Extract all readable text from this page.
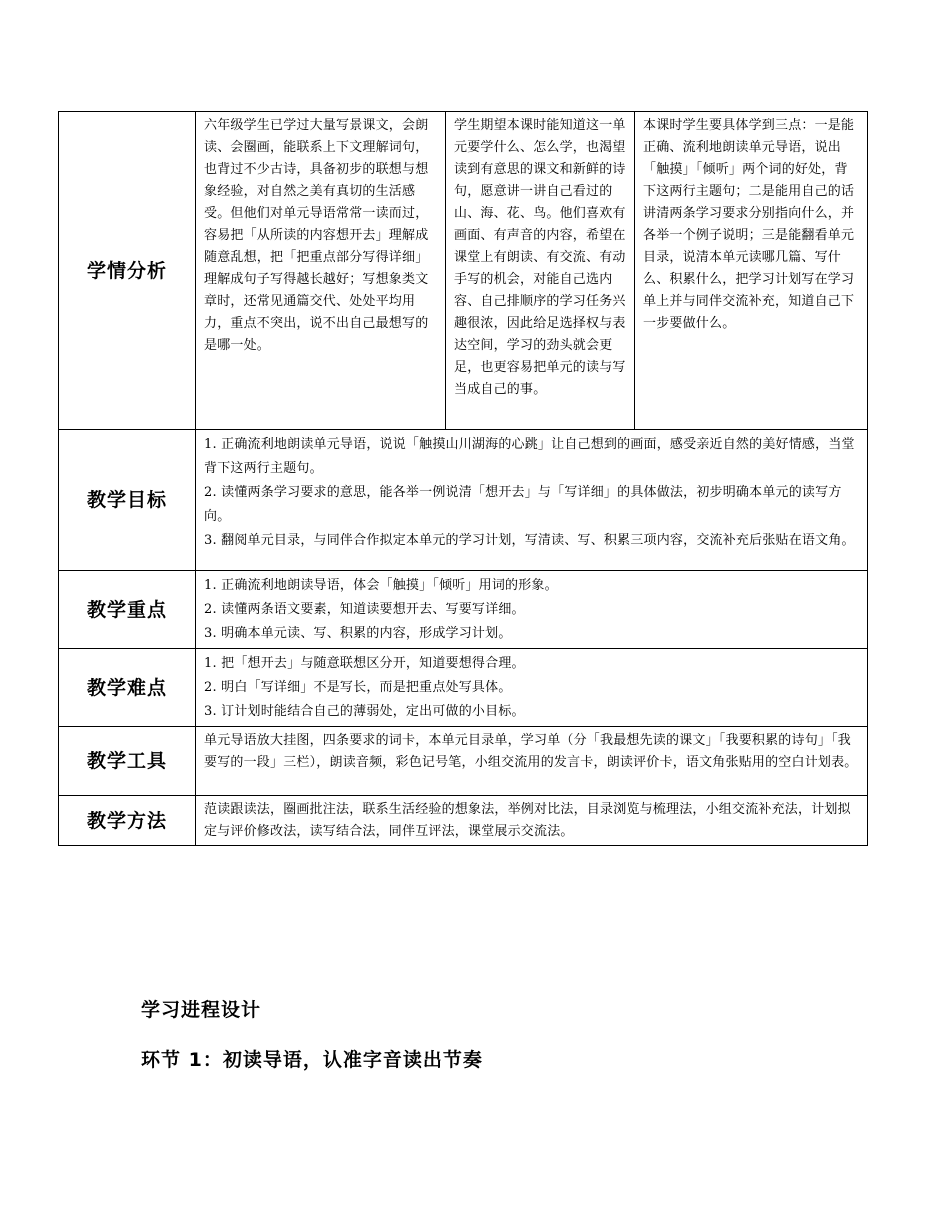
学情分析	六年级学生已学过大量写景课文，会朗读、会圈画，能联系上下文理解词句，也背过不少古诗，具备初步的联想与想象经验，对自然之美有真切的生活感受。但他们对单元导语常常一读而过，容易把「从所读的内容想开去」理解成随意乱想，把「把重点部分写得详细」理解成句子写得越长越好；写想象类文章时，还常见通篇交代、处处平均用力，重点不突出，说不出自己最想写的是哪一处。	学生期望本课时能知道这一单元要学什么、怎么学，也渴望读到有意思的课文和新鲜的诗句，愿意讲一讲自己看过的山、海、花、鸟。他们喜欢有画面、有声音的内容，希望在课堂上有朗读、有交流、有动手写的机会，对能自己选内容、自己排顺序的学习任务兴趣很浓，因此给足选择权与表达空间，学习的劲头就会更足，也更容易把单元的读与写当成自己的事。	本课时学生要具体学到三点：一是能正确、流利地朗读单元导语，说出「触摸」「倾听」两个词的好处，背下这两行主题句；二是能用自己的话讲清两条学习要求分别指向什么，并各举一个例子说明；三是能翻看单元目录，说清本单元读哪几篇、写什么、积累什么，把学习计划写在学习单上并与同伴交流补充，知道自己下一步要做什么。
教学目标	1. 正确流利地朗读单元导语，说说「触摸山川湖海的心跳」让自己想到的画面，感受亲近自然的美好情感，当堂背下这两行主题句。
2. 读懂两条学习要求的意思，能各举一例说清「想开去」与「写详细」的具体做法，初步明确本单元的读写方向。
3. 翻阅单元目录，与同伴合作拟定本单元的学习计划，写清读、写、积累三项内容，交流补充后张贴在语文角。		

教学重点	1. 正确流利地朗读导语，体会「触摸」「倾听」用词的形象。
2. 读懂两条语文要素，知道读要想开去、写要写详细。
3. 明确本单元读、写、积累的内容，形成学习计划。		

教学难点	1. 把「想开去」与随意联想区分开，知道要想得合理。
2. 明白「写详细」不是写长，而是把重点处写具体。
3. 订计划时能结合自己的薄弱处，定出可做的小目标。		

教学工具	单元导语放大挂图，四条要求的词卡，本单元目录单，学习单（分「我最想先读的课文」「我要积累的诗句」「我要写的一段」三栏），朗读音频，彩色记号笔，小组交流用的发言卡，朗读评价卡，语文角张贴用的空白计划表。		
教学方法	范读跟读法，圈画批注法，联系生活经验的想象法，举例对比法，目录浏览与梳理法，小组交流补充法，计划拟定与评价修改法，读写结合法，同伴互评法，课堂展示交流法。		
学习进程设计
环节 1：初读导语，认准字音读出节奏
